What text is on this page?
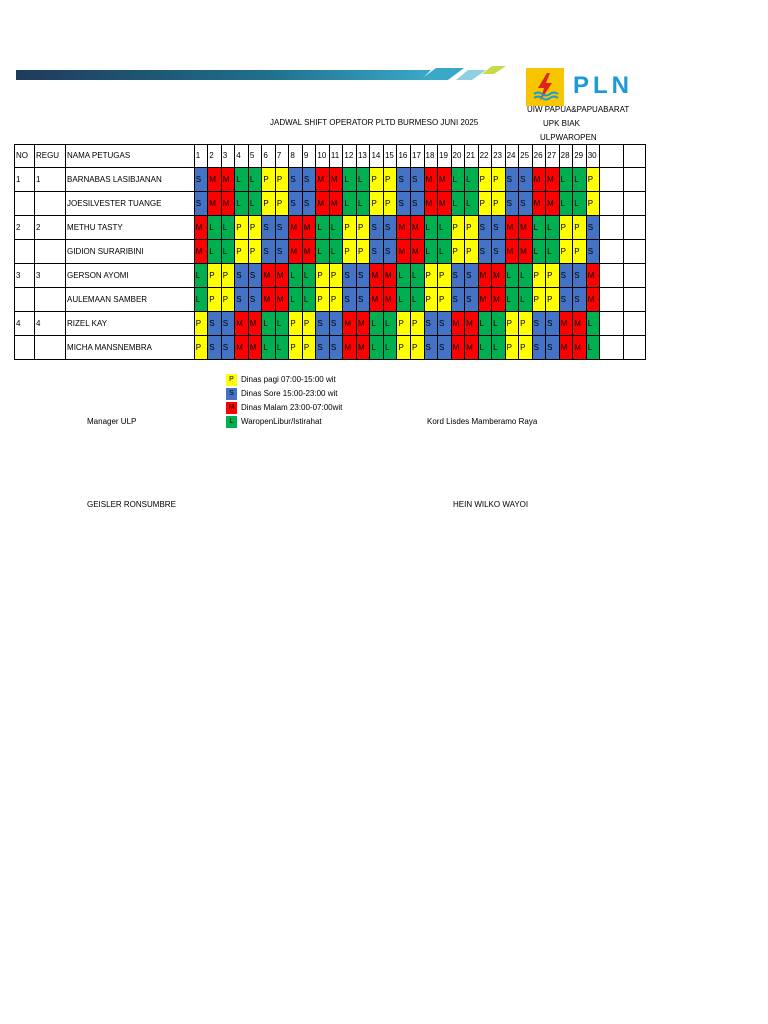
PLN
UIW PAPUA&PAPUABARAT
UPK BIAK
ULPWAROPEN
JADWAL SHIFT OPERATOR PLTD BURMESO JUNI 2025
NO	REGU	NAMA PETUGAS	1	2	3	4	5	6	7	8	9	10	11	12	13	14	15	16	17	18	19	20	21	22	23	24	25	26	27	28	29	30		
1	1	BARNABAS LASIBJANAN	S	M	M	L	L	P	P	S	S	M	M	L	L	P	P	S	S	M	M	L	L	P	P	S	S	M	M	L	L	P		
		JOESILVESTER TUANGE	S	M	M	L	L	P	P	S	S	M	M	L	L	P	P	S	S	M	M	L	L	P	P	S	S	M	M	L	L	P		
2	2	METHU TASTY	M	L	L	P	P	S	S	M	M	L	L	P	P	S	S	M	M	L	L	P	P	S	S	M	M	L	L	P	P	S		
		GIDION SURARIBINI	M	L	L	P	P	S	S	M	M	L	L	P	P	S	S	M	M	L	L	P	P	S	S	M	M	L	L	P	P	S		
3	3	GERSON AYOMI	L	P	P	S	S	M	M	L	L	P	P	S	S	M	M	L	L	P	P	S	S	M	M	L	L	P	P	S	S	M		
		AULEMAAN SAMBER	L	P	P	S	S	M	M	L	L	P	P	S	S	M	M	L	L	P	P	S	S	M	M	L	L	P	P	S	S	M		
4	4	RIZEL KAY	P	S	S	M	M	L	L	P	P	S	S	M	M	L	L	P	P	S	S	M	M	L	L	P	P	S	S	M	M	L		
		MICHA MANSNEMBRA	P	S	S	M	M	L	L	P	P	S	S	M	M	L	L	P	P	S	S	M	M	L	L	P	P	S	S	M	M	L		
P Dinas pagi 07:00-15:00 wit
S Dinas Sore 15:00-23:00 wit
M Dinas Malam 23:00-07:00wit
L WaropenLibur/Istirahat
Manager ULP	Kord Lisdes Mamberamo Raya
GEISLER RONSUMBRE	HEIN WILKO WAYOI
